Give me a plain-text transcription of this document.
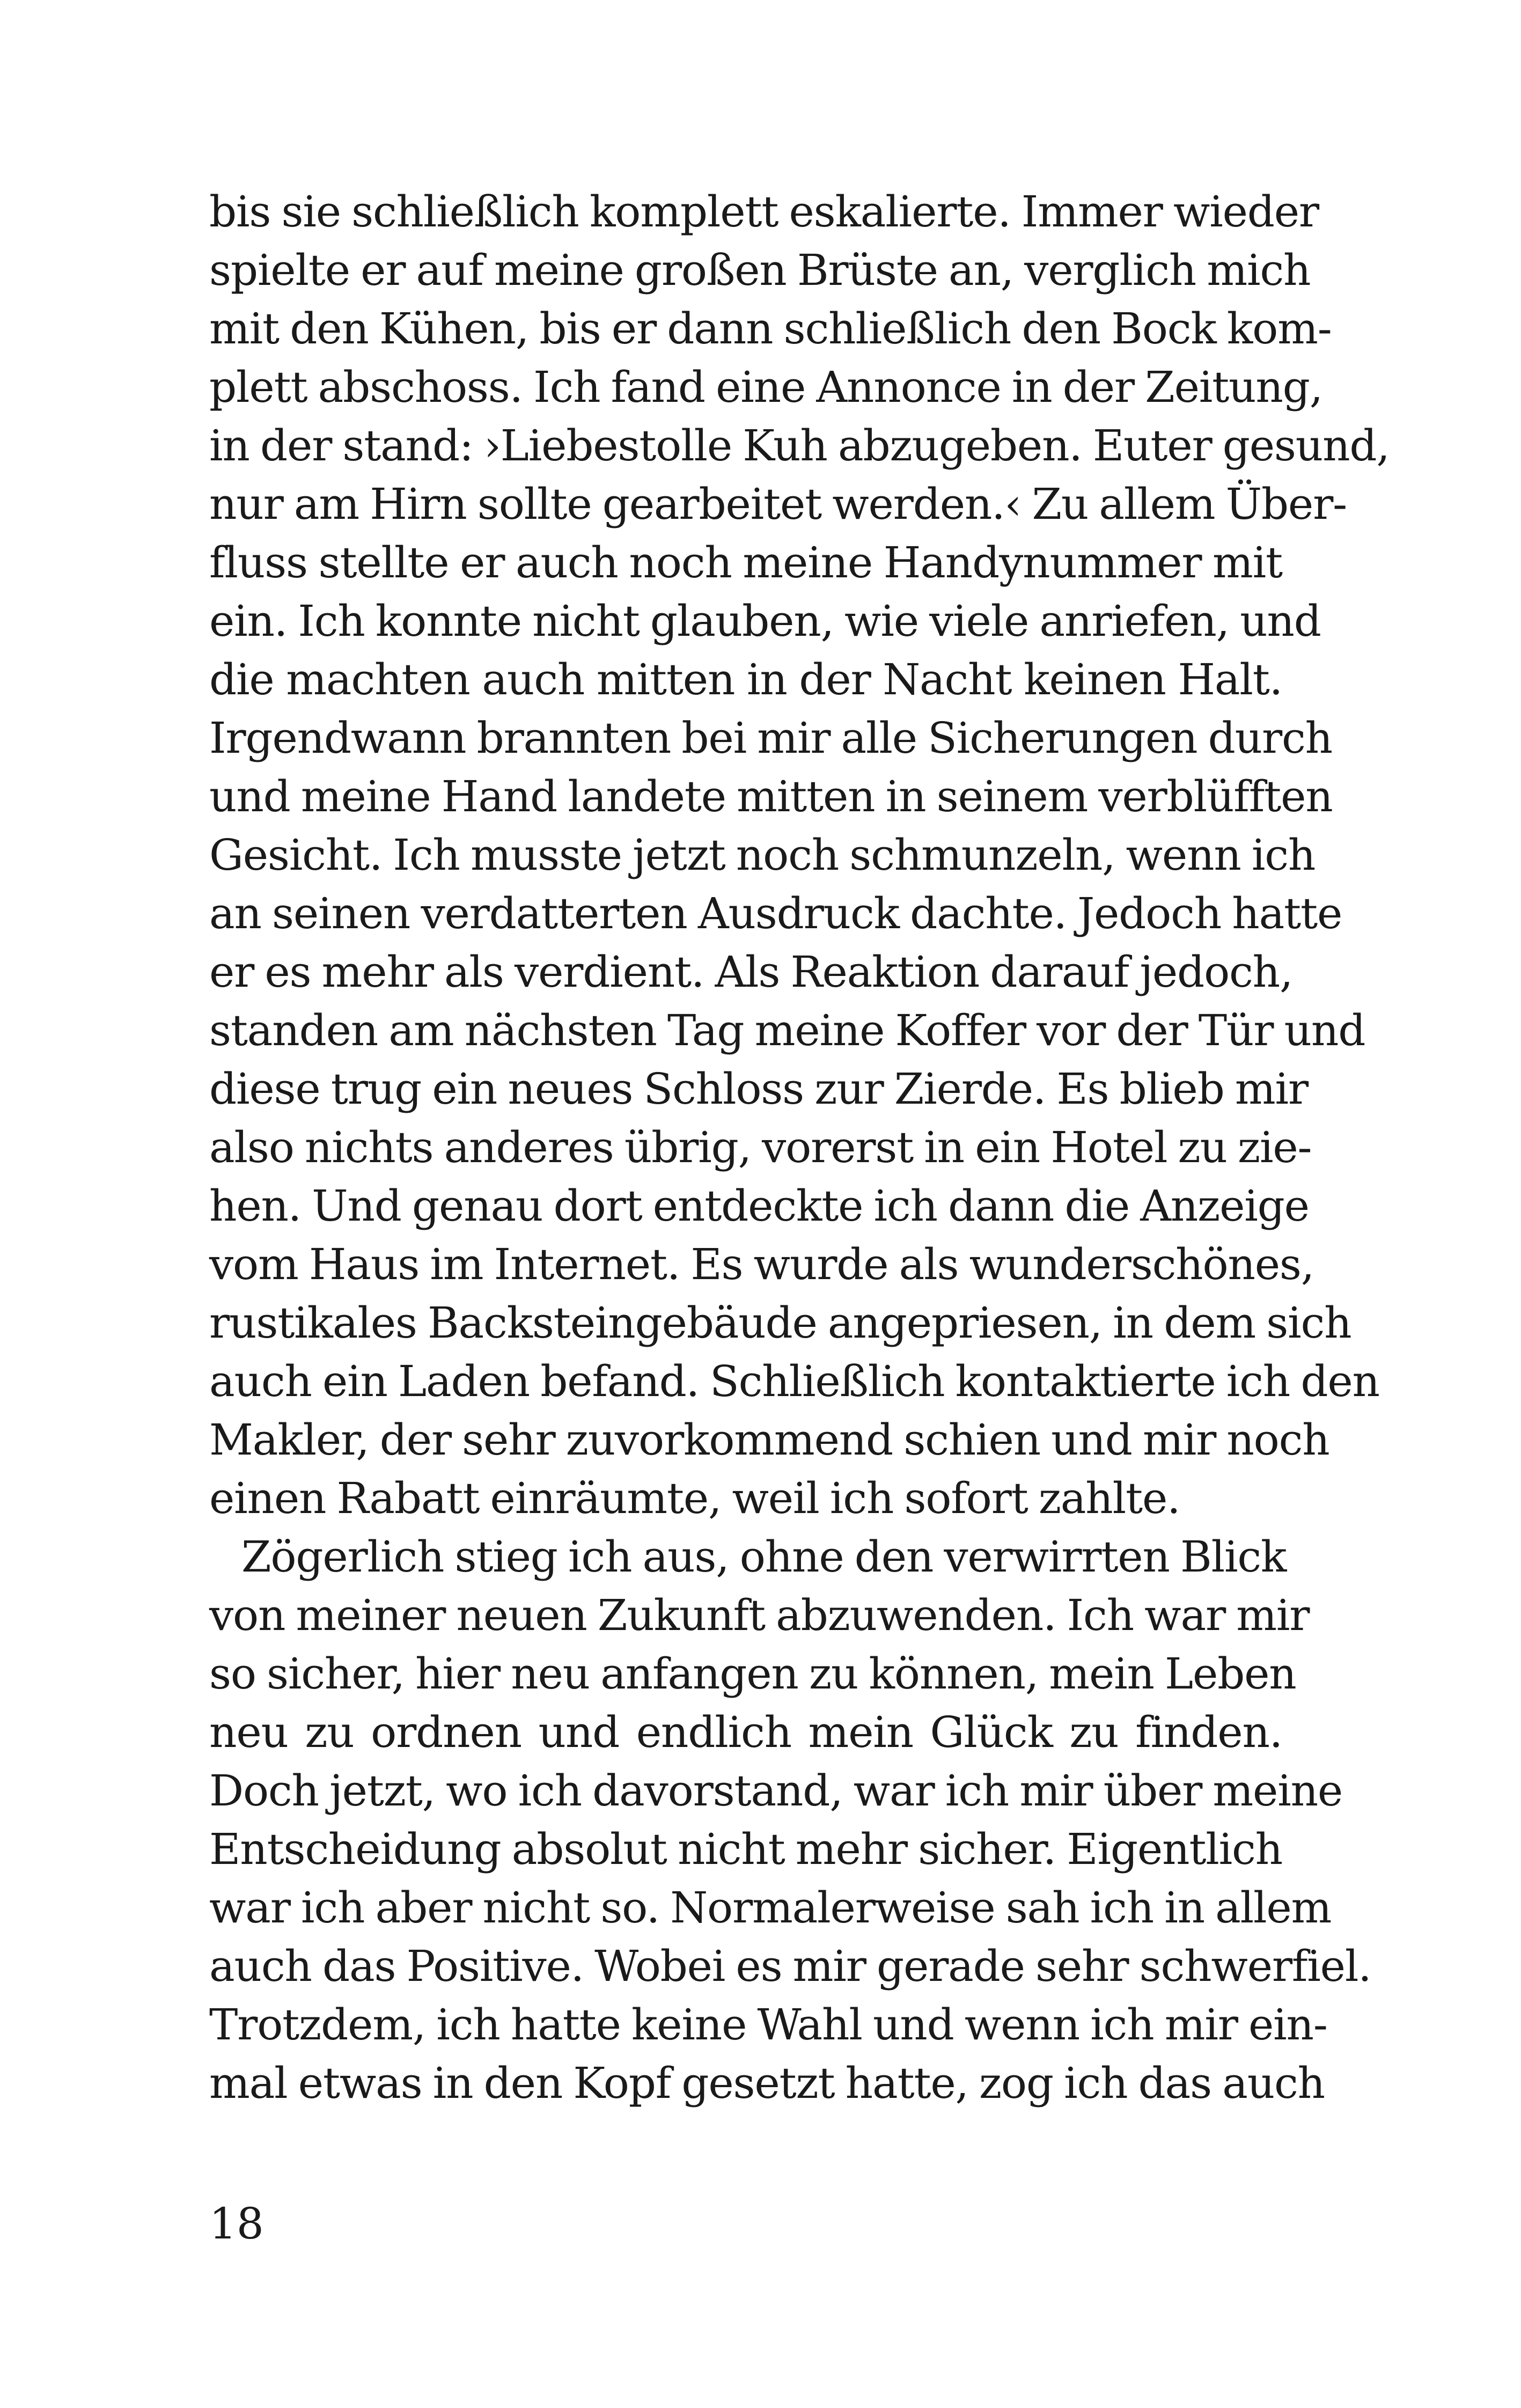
bis sie schließlich komplett eskalierte. Immer wieder
spielte er auf meine großen Brüste an, verglich mich
mit den Kühen, bis er dann schließlich den Bock kom-
plett abschoss. Ich fand eine Annonce in der Zeitung,
in der stand: ›Liebestolle Kuh abzugeben. Euter gesund,
nur am Hirn sollte gearbeitet werden.‹ Zu allem Über-
fluss stellte er auch noch meine Handynummer mit
ein. Ich konnte nicht glauben, wie viele anriefen, und
die machten auch mitten in der Nacht keinen Halt.
Irgendwann brannten bei mir alle Sicherungen durch
und meine Hand landete mitten in seinem verblüfften
Gesicht. Ich musste jetzt noch schmunzeln, wenn ich
an seinen verdatterten Ausdruck dachte. Jedoch hatte
er es mehr als verdient. Als Reaktion darauf jedoch,
standen am nächsten Tag meine Koffer vor der Tür und
diese trug ein neues Schloss zur Zierde. Es blieb mir
also nichts anderes übrig, vorerst in ein Hotel zu zie-
hen. Und genau dort entdeckte ich dann die Anzeige
vom Haus im Internet. Es wurde als wunderschönes,
rustikales Backsteingebäude angepriesen, in dem sich
auch ein Laden befand. Schließlich kontaktierte ich den
Makler, der sehr zuvorkommend schien und mir noch
einen Rabatt einräumte, weil ich sofort zahlte.
Zögerlich stieg ich aus, ohne den verwirrten Blick
von meiner neuen Zukunft abzuwenden. Ich war mir
so sicher, hier neu anfangen zu können, mein Leben
neu zu ordnen und endlich mein Glück zu finden.
Doch jetzt, wo ich davorstand, war ich mir über meine
Entscheidung absolut nicht mehr sicher. Eigentlich
war ich aber nicht so. Normalerweise sah ich in allem
auch das Positive. Wobei es mir gerade sehr schwerfiel.
Trotzdem, ich hatte keine Wahl und wenn ich mir ein-
mal etwas in den Kopf gesetzt hatte, zog ich das auch
18
